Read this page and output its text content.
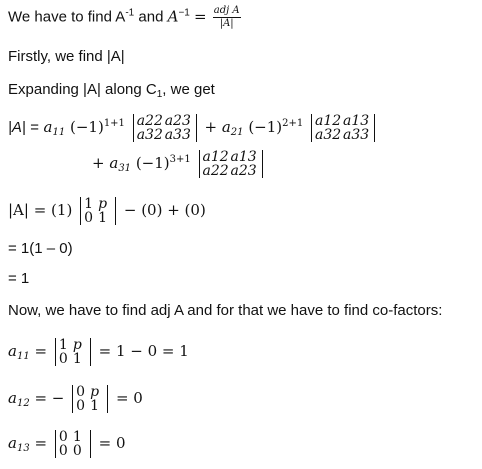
We have to find $A^{-1}$ and $A^{-1} = \frac{\text{adj A}}{|A|}$
Firstly, we find |A|
Expanding |A| along $C_1$, we get
$|A| = a_{11}$ $(-1)^{1+1}$ a22 a23
a32 $a33 + a_{21}$ $(-1)^{2+1}$ a12 a13
a32 a33
+ $a_{31}$ $(-1)^{3+1}$ a12 a13
a22 a23
|A| = (1) 1 p
0 1	− (0) + (0)
= 1(1 – 0)
= 1
Now, we have to find adj A and for that we have to find co-factors:
$a_{11} = 1$ p
0 1	= 1 − 0 = 1
$a_{12}$ = − 0 p
0 1	= 0
$a_{13} = 0$ 1
0 0	= 0
